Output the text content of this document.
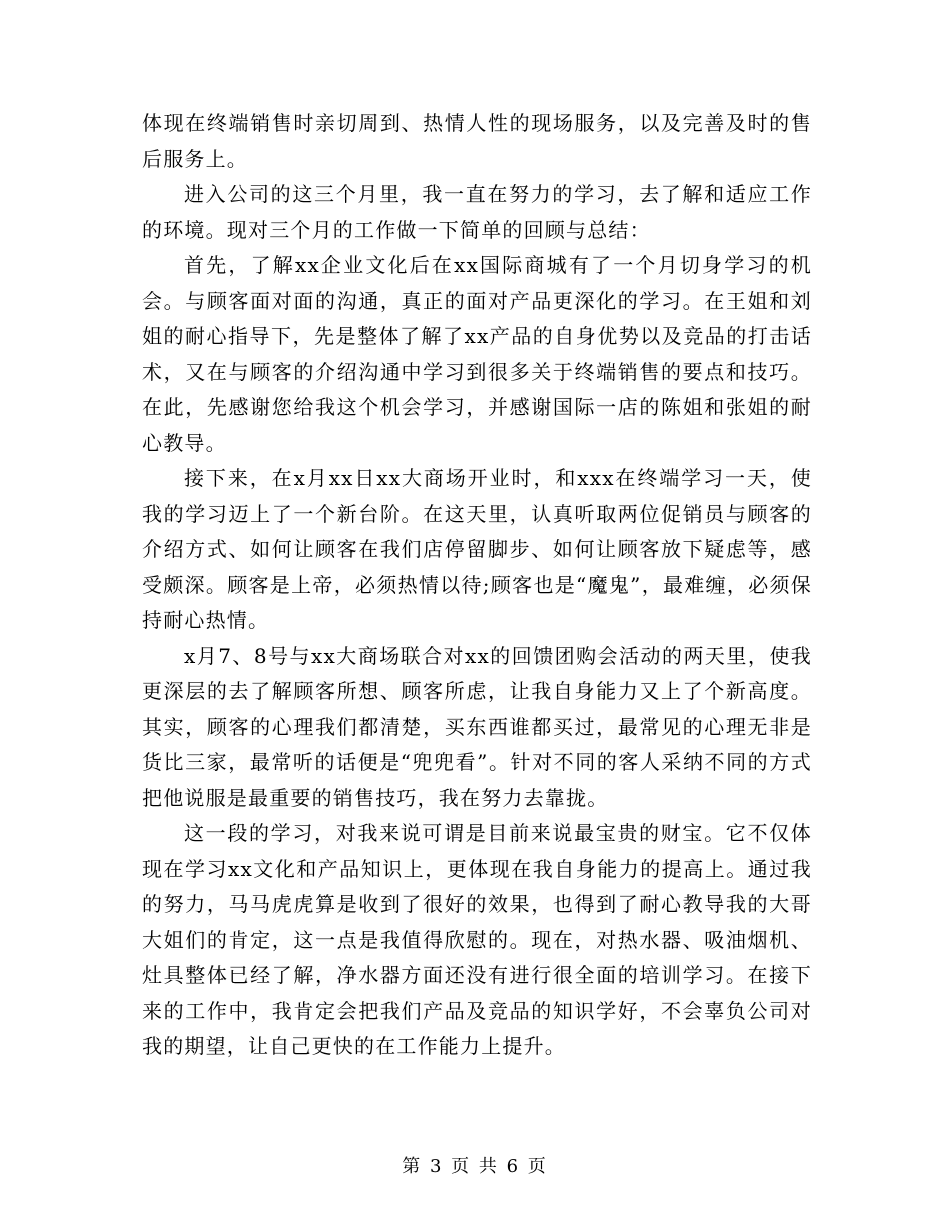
体现在终端销售时亲切周到、热情人性的现场服务，以及完善及时的售后服务上。

进入公司的这三个月里，我一直在努力的学习，去了解和适应工作的环境。现对三个月的工作做一下简单的回顾与总结：

首先，了解xx企业文化后在xx国际商城有了一个月切身学习的机会。与顾客面对面的沟通，真正的面对产品更深化的学习。在王姐和刘姐的耐心指导下，先是整体了解了xx产品的自身优势以及竞品的打击话术，又在与顾客的介绍沟通中学习到很多关于终端销售的要点和技巧。在此，先感谢您给我这个机会学习，并感谢国际一店的陈姐和张姐的耐心教导。

接下来，在x月xx日xx大商场开业时，和xxx在终端学习一天，使我的学习迈上了一个新台阶。在这天里，认真听取两位促销员与顾客的介绍方式、如何让顾客在我们店停留脚步、如何让顾客放下疑虑等，感受颇深。顾客是上帝，必须热情以待;顾客也是“魔鬼”，最难缠，必须保持耐心热情。

x月7、8号与xx大商场联合对xx的回馈团购会活动的两天里，使我更深层的去了解顾客所想、顾客所虑，让我自身能力又上了个新高度。其实，顾客的心理我们都清楚，买东西谁都买过，最常见的心理无非是货比三家，最常听的话便是“兜兜看”。针对不同的客人采纳不同的方式把他说服是最重要的销售技巧，我在努力去靠拢。

这一段的学习，对我来说可谓是目前来说最宝贵的财宝。它不仅体现在学习xx文化和产品知识上，更体现在我自身能力的提高上。通过我的努力，马马虎虎算是收到了很好的效果，也得到了耐心教导我的大哥大姐们的肯定，这一点是我值得欣慰的。现在，对热水器、吸油烟机、灶具整体已经了解，净水器方面还没有进行很全面的培训学习。在接下来的工作中，我肯定会把我们产品及竞品的知识学好，不会辜负公司对我的期望，让自己更快的在工作能力上提升。

第 3 页 共 6 页
